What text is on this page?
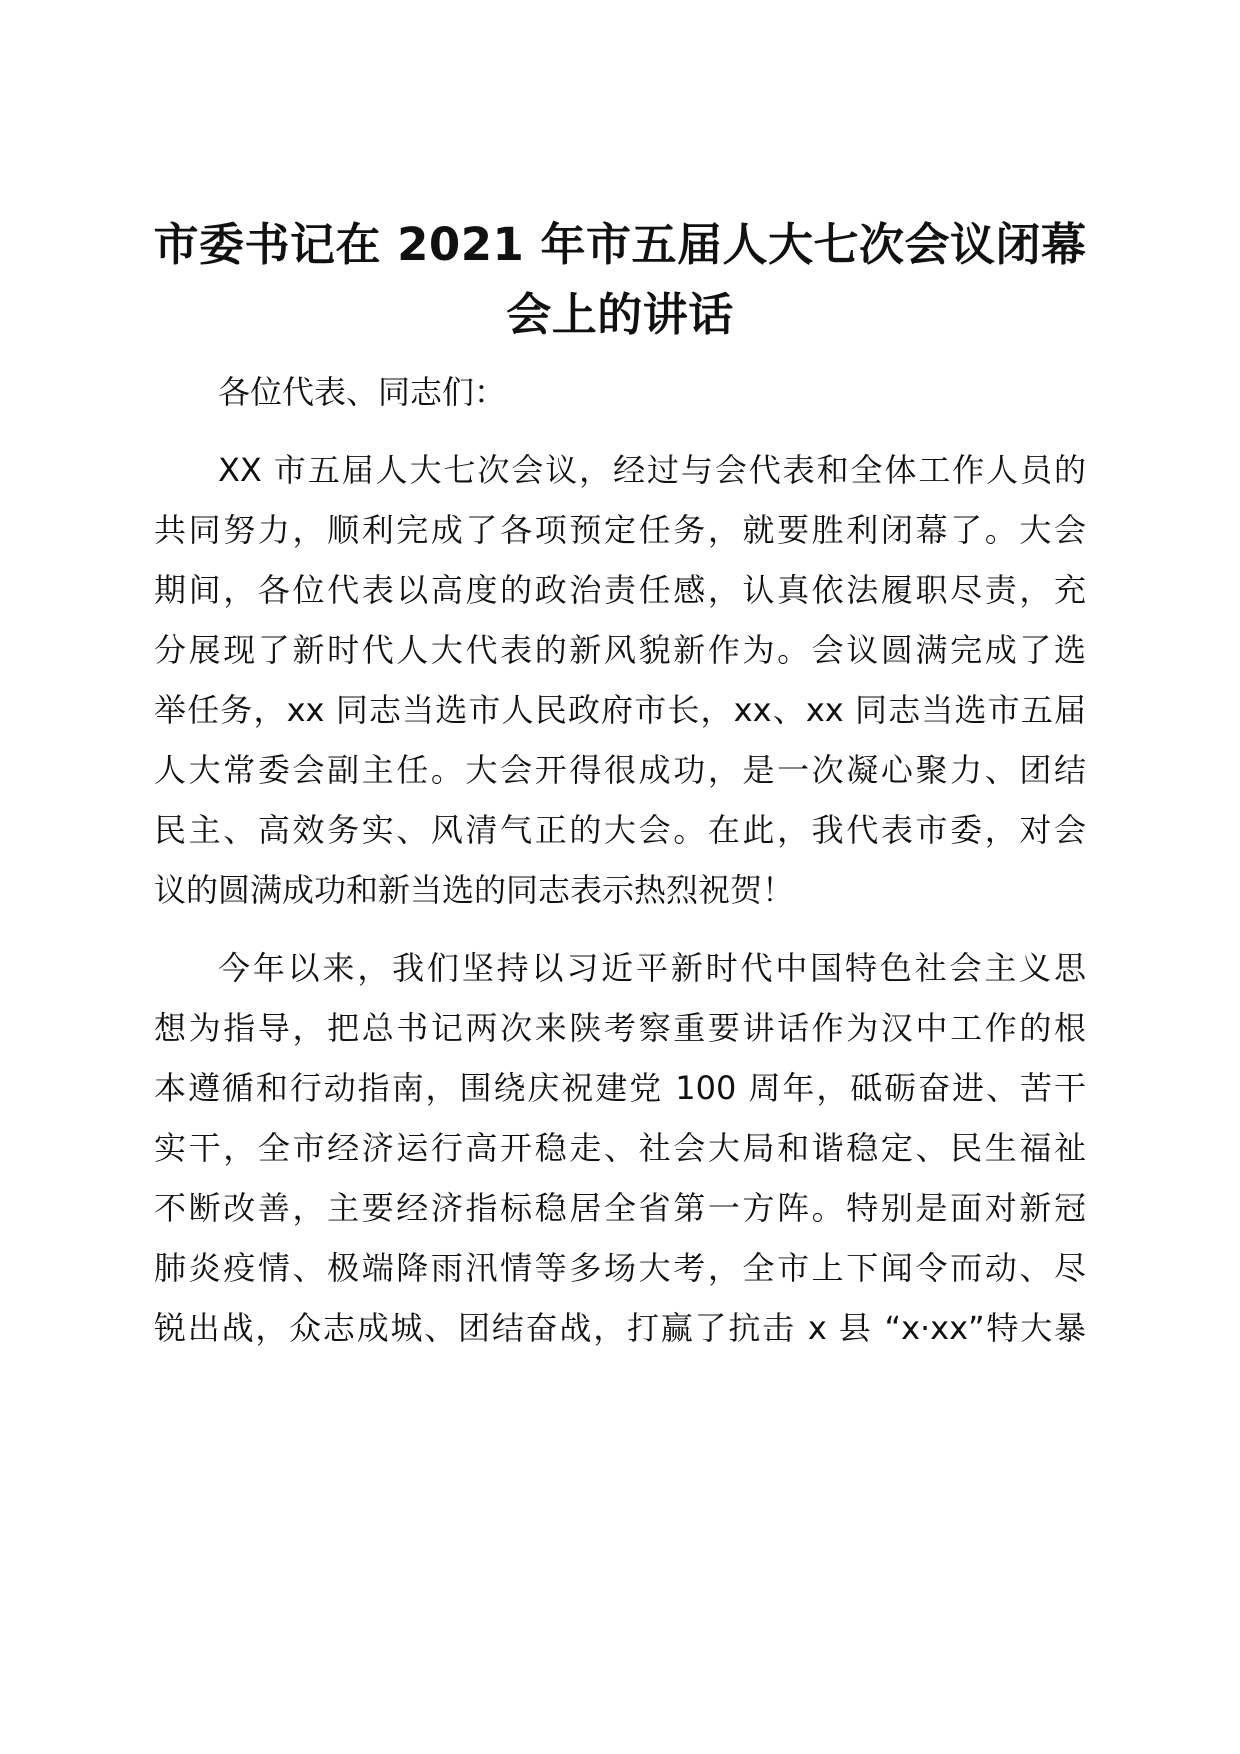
市委书记在 2021 年市五届人大七次会议闭幕
会上的讲话

各位代表、同志们：

XX 市五届人大七次会议，经过与会代表和全体工作人员的

共同努力，顺利完成了各项预定任务，就要胜利闭幕了。大会

期间，各位代表以高度的政治责任感，认真依法履职尽责，充

分展现了新时代人大代表的新风貌新作为。会议圆满完成了选

举任务，xx 同志当选市人民政府市长，xx、xx 同志当选市五届

人大常委会副主任。大会开得很成功，是一次凝心聚力、团结

民主、高效务实、风清气正的大会。在此，我代表市委，对会

议的圆满成功和新当选的同志表示热烈祝贺！

今年以来，我们坚持以习近平新时代中国特色社会主义思

想为指导，把总书记两次来陕考察重要讲话作为汉中工作的根

本遵循和行动指南，围绕庆祝建党 100 周年，砥砺奋进、苦干

实干，全市经济运行高开稳走、社会大局和谐稳定、民生福祉

不断改善，主要经济指标稳居全省第一方阵。特别是面对新冠

肺炎疫情、极端降雨汛情等多场大考，全市上下闻令而动、尽

锐出战，众志成城、团结奋战，打赢了抗击 x 县 “x·xx”特大暴
